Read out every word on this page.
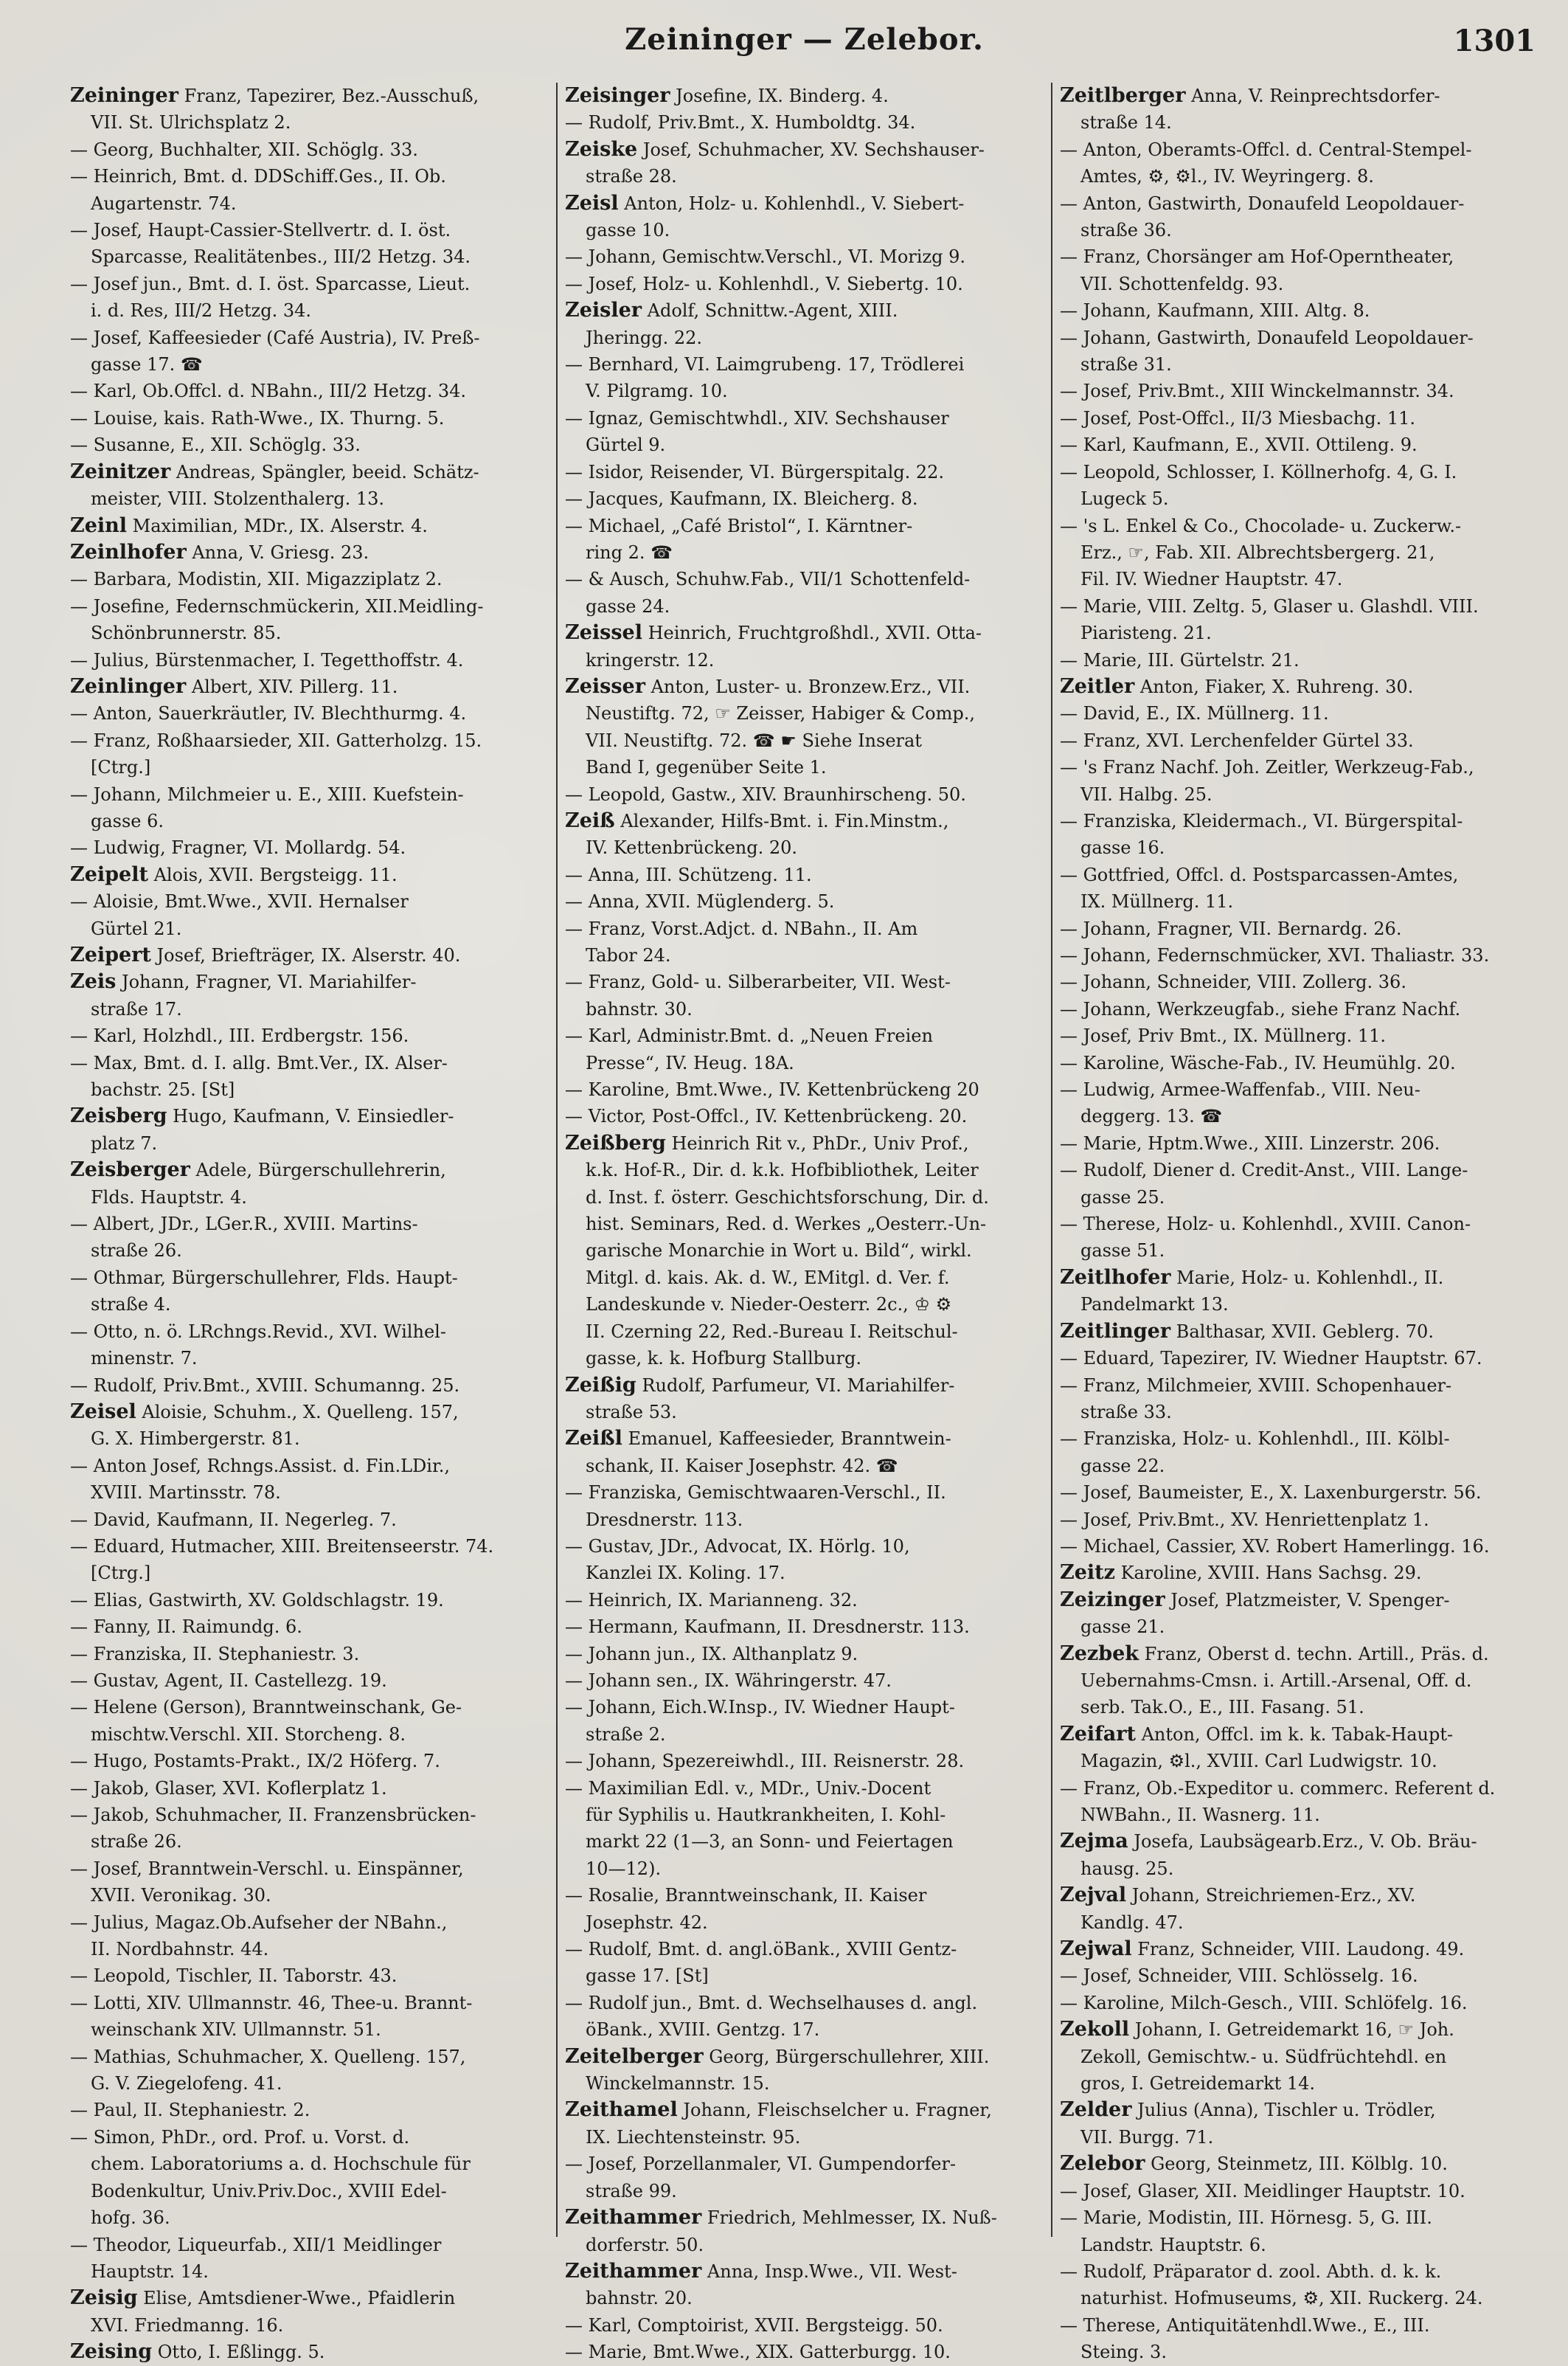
Zeininger — Zelebor.	1301
Zeininger Franz, Tapezirer, Bez.-Ausschuß,
VII. St. Ulrichsplatz 2.
— Georg, Buchhalter, XII. Schöglg. 33.
— Heinrich, Bmt. d. DDSchiff.Ges., II. Ob.
Augartenstr. 74.
— Josef, Haupt-Cassier-Stellvertr. d. I. öst.
Sparcasse, Realitätenbes., III/2 Hetzg. 34.
— Josef jun., Bmt. d. I. öst. Sparcasse, Lieut.
i. d. Res, III/2 Hetzg. 34.
— Josef, Kaffeesieder (Café Austria), IV. Preß-
gasse 17. ☎
— Karl, Ob.Offcl. d. NBahn., III/2 Hetzg. 34.
— Louise, kais. Rath-Wwe., IX. Thurng. 5.
— Susanne, E., XII. Schöglg. 33.
Zeinitzer Andreas, Spängler, beeid. Schätz-
meister, VIII. Stolzenthalerg. 13.
Zeinl Maximilian, MDr., IX. Alserstr. 4.
Zeinlhofer Anna, V. Griesg. 23.
— Barbara, Modistin, XII. Migazziplatz 2.
— Josefine, Federnschmückerin, XII.Meidling-
Schönbrunnerstr. 85.
— Julius, Bürstenmacher, I. Tegetthoffstr. 4.
Zeinlinger Albert, XIV. Pillerg. 11.
— Anton, Sauerkräutler, IV. Blechthurmg. 4.
— Franz, Roßhaarsieder, XII. Gatterholzg. 15.
[Ctrg.]
— Johann, Milchmeier u. E., XIII. Kuefstein-
gasse 6.
— Ludwig, Fragner, VI. Mollardg. 54.
Zeipelt Alois, XVII. Bergsteigg. 11.
— Aloisie, Bmt.Wwe., XVII. Hernalser
Gürtel 21.
Zeipert Josef, Briefträger, IX. Alserstr. 40.
Zeis Johann, Fragner, VI. Mariahilfer-
straße 17.
— Karl, Holzhdl., III. Erdbergstr. 156.
— Max, Bmt. d. I. allg. Bmt.Ver., IX. Alser-
bachstr. 25. [St]
Zeisberg Hugo, Kaufmann, V. Einsiedler-
platz 7.
Zeisberger Adele, Bürgerschullehrerin,
Flds. Hauptstr. 4.
— Albert, JDr., LGer.R., XVIII. Martins-
straße 26.
— Othmar, Bürgerschullehrer, Flds. Haupt-
straße 4.
— Otto, n. ö. LRchngs.Revid., XVI. Wilhel-
minenstr. 7.
— Rudolf, Priv.Bmt., XVIII. Schumanng. 25.
Zeisel Aloisie, Schuhm., X. Quelleng. 157,
G. X. Himbergerstr. 81.
— Anton Josef, Rchngs.Assist. d. Fin.LDir.,
XVIII. Martinsstr. 78.
— David, Kaufmann, II. Negerleg. 7.
— Eduard, Hutmacher, XIII. Breitenseerstr. 74.
[Ctrg.]
— Elias, Gastwirth, XV. Goldschlagstr. 19.
— Fanny, II. Raimundg. 6.
— Franziska, II. Stephaniestr. 3.
— Gustav, Agent, II. Castellezg. 19.
— Helene (Gerson), Branntweinschank, Ge-
mischtw.Verschl. XII. Storcheng. 8.
— Hugo, Postamts-Prakt., IX/2 Höferg. 7.
— Jakob, Glaser, XVI. Koflerplatz 1.
— Jakob, Schuhmacher, II. Franzensbrücken-
straße 26.
— Josef, Branntwein-Verschl. u. Einspänner,
XVII. Veronikag. 30.
— Julius, Magaz.Ob.Aufseher der NBahn.,
II. Nordbahnstr. 44.
— Leopold, Tischler, II. Taborstr. 43.
— Lotti, XIV. Ullmannstr. 46, Thee-u. Brannt-
weinschank XIV. Ullmannstr. 51.
— Mathias, Schuhmacher, X. Quelleng. 157,
G. V. Ziegelofeng. 41.
— Paul, II. Stephaniestr. 2.
— Simon, PhDr., ord. Prof. u. Vorst. d.
chem. Laboratoriums a. d. Hochschule für
Bodenkultur, Univ.Priv.Doc., XVIII Edel-
hofg. 36.
— Theodor, Liqueurfab., XII/1 Meidlinger
Hauptstr. 14.
Zeisig Elise, Amtsdiener-Wwe., Pfaidlerin
XVI. Friedmanng. 16.
Zeising Otto, I. Eßlingg. 5.
Zeisinger Josefine, IX. Binderg. 4.
— Rudolf, Priv.Bmt., X. Humboldtg. 34.
Zeiske Josef, Schuhmacher, XV. Sechshauser-
straße 28.
Zeisl Anton, Holz- u. Kohlenhdl., V. Siebert-
gasse 10.
— Johann, Gemischtw.Verschl., VI. Morizg 9.
— Josef, Holz- u. Kohlenhdl., V. Siebertg. 10.
Zeisler Adolf, Schnittw.-Agent, XIII.
Jheringg. 22.
— Bernhard, VI. Laimgrubeng. 17, Trödlerei
V. Pilgramg. 10.
— Ignaz, Gemischtwhdl., XIV. Sechshauser
Gürtel 9.
— Isidor, Reisender, VI. Bürgerspitalg. 22.
— Jacques, Kaufmann, IX. Bleicherg. 8.
— Michael, „Café Bristol“, I. Kärntner-
ring 2. ☎
— & Ausch, Schuhw.Fab., VII/1 Schottenfeld-
gasse 24.
Zeissel Heinrich, Fruchtgroßhdl., XVII. Otta-
kringerstr. 12.
Zeisser Anton, Luster- u. Bronzew.Erz., VII.
Neustiftg. 72, ☞ Zeisser, Habiger & Comp.,
VII. Neustiftg. 72. ☎ ☛ Siehe Inserat
Band I, gegenüber Seite 1.
— Leopold, Gastw., XIV. Braunhirscheng. 50.
Zeiß Alexander, Hilfs-Bmt. i. Fin.Minstm.,
IV. Kettenbrückeng. 20.
— Anna, III. Schützeng. 11.
— Anna, XVII. Müglenderg. 5.
— Franz, Vorst.Adjct. d. NBahn., II. Am
Tabor 24.
— Franz, Gold- u. Silberarbeiter, VII. West-
bahnstr. 30.
— Karl, Administr.Bmt. d. „Neuen Freien
Presse“, IV. Heug. 18A.
— Karoline, Bmt.Wwe., IV. Kettenbrückeng 20
— Victor, Post-Offcl., IV. Kettenbrückeng. 20.
Zeißberg Heinrich Rit v., PhDr., Univ Prof.,
k.k. Hof-R., Dir. d. k.k. Hofbibliothek, Leiter
d. Inst. f. österr. Geschichtsforschung, Dir. d.
hist. Seminars, Red. d. Werkes „Oesterr.-Un-
garische Monarchie in Wort u. Bild“, wirkl.
Mitgl. d. kais. Ak. d. W., EMitgl. d. Ver. f.
Landeskunde v. Nieder-Oesterr. 2c., ♔ ⚙
II. Czerning 22, Red.-Bureau I. Reitschul-
gasse, k. k. Hofburg Stallburg.
Zeißig Rudolf, Parfumeur, VI. Mariahilfer-
straße 53.
Zeißl Emanuel, Kaffeesieder, Branntwein-
schank, II. Kaiser Josephstr. 42. ☎
— Franziska, Gemischtwaaren-Verschl., II.
Dresdnerstr. 113.
— Gustav, JDr., Advocat, IX. Hörlg. 10,
Kanzlei IX. Koling. 17.
— Heinrich, IX. Marianneng. 32.
— Hermann, Kaufmann, II. Dresdnerstr. 113.
— Johann jun., IX. Althanplatz 9.
— Johann sen., IX. Währingerstr. 47.
— Johann, Eich.W.Insp., IV. Wiedner Haupt-
straße 2.
— Johann, Spezereiwhdl., III. Reisnerstr. 28.
— Maximilian Edl. v., MDr., Univ.-Docent
für Syphilis u. Hautkrankheiten, I. Kohl-
markt 22 (1—3, an Sonn- und Feiertagen
10—12).
— Rosalie, Branntweinschank, II. Kaiser
Josephstr. 42.
— Rudolf, Bmt. d. angl.öBank., XVIII Gentz-
gasse 17. [St]
— Rudolf jun., Bmt. d. Wechselhauses d. angl.
öBank., XVIII. Gentzg. 17.
Zeitelberger Georg, Bürgerschullehrer, XIII.
Winckelmannstr. 15.
Zeithamel Johann, Fleischselcher u. Fragner,
IX. Liechtensteinstr. 95.
— Josef, Porzellanmaler, VI. Gumpendorfer-
straße 99.
Zeithammer Friedrich, Mehlmesser, IX. Nuß-
dorferstr. 50.
Zeithammer Anna, Insp.Wwe., VII. West-
bahnstr. 20.
— Karl, Comptoirist, XVII. Bergsteigg. 50.
— Marie, Bmt.Wwe., XIX. Gatterburgg. 10.
Zeitlberger Anna, V. Reinprechtsdorfer-
straße 14.
— Anton, Oberamts-Offcl. d. Central-Stempel-
Amtes, ⚙, ⚙l., IV. Weyringerg. 8.
— Anton, Gastwirth, Donaufeld Leopoldauer-
straße 36.
— Franz, Chorsänger am Hof-Operntheater,
VII. Schottenfeldg. 93.
— Johann, Kaufmann, XIII. Altg. 8.
— Johann, Gastwirth, Donaufeld Leopoldauer-
straße 31.
— Josef, Priv.Bmt., XIII Winckelmannstr. 34.
— Josef, Post-Offcl., II/3 Miesbachg. 11.
— Karl, Kaufmann, E., XVII. Ottileng. 9.
— Leopold, Schlosser, I. Köllnerhofg. 4, G. I.
Lugeck 5.
— 's L. Enkel & Co., Chocolade- u. Zuckerw.-
Erz., ☞, Fab. XII. Albrechtsbergerg. 21,
Fil. IV. Wiedner Hauptstr. 47.
— Marie, VIII. Zeltg. 5, Glaser u. Glashdl. VIII.
Piaristeng. 21.
— Marie, III. Gürtelstr. 21.
Zeitler Anton, Fiaker, X. Ruhreng. 30.
— David, E., IX. Müllnerg. 11.
— Franz, XVI. Lerchenfelder Gürtel 33.
— 's Franz Nachf. Joh. Zeitler, Werkzeug-Fab.,
VII. Halbg. 25.
— Franziska, Kleidermach., VI. Bürgerspital-
gasse 16.
— Gottfried, Offcl. d. Postsparcassen-Amtes,
IX. Müllnerg. 11.
— Johann, Fragner, VII. Bernardg. 26.
— Johann, Federnschmücker, XVI. Thaliastr. 33.
— Johann, Schneider, VIII. Zollerg. 36.
— Johann, Werkzeugfab., siehe Franz Nachf.
— Josef, Priv Bmt., IX. Müllnerg. 11.
— Karoline, Wäsche-Fab., IV. Heumühlg. 20.
— Ludwig, Armee-Waffenfab., VIII. Neu-
deggerg. 13. ☎
— Marie, Hptm.Wwe., XIII. Linzerstr. 206.
— Rudolf, Diener d. Credit-Anst., VIII. Lange-
gasse 25.
— Therese, Holz- u. Kohlenhdl., XVIII. Canon-
gasse 51.
Zeitlhofer Marie, Holz- u. Kohlenhdl., II.
Pandelmarkt 13.
Zeitlinger Balthasar, XVII. Geblerg. 70.
— Eduard, Tapezirer, IV. Wiedner Hauptstr. 67.
— Franz, Milchmeier, XVIII. Schopenhauer-
straße 33.
— Franziska, Holz- u. Kohlenhdl., III. Kölbl-
gasse 22.
— Josef, Baumeister, E., X. Laxenburgerstr. 56.
— Josef, Priv.Bmt., XV. Henriettenplatz 1.
— Michael, Cassier, XV. Robert Hamerlingg. 16.
Zeitz Karoline, XVIII. Hans Sachsg. 29.
Zeizinger Josef, Platzmeister, V. Spenger-
gasse 21.
Zezbek Franz, Oberst d. techn. Artill., Präs. d.
Uebernahms-Cmsn. i. Artill.-Arsenal, Off. d.
serb. Tak.O., E., III. Fasang. 51.
Zeifart Anton, Offcl. im k. k. Tabak-Haupt-
Magazin, ⚙l., XVIII. Carl Ludwigstr. 10.
— Franz, Ob.-Expeditor u. commerc. Referent d.
NWBahn., II. Wasnerg. 11.
Zejma Josefa, Laubsägearb.Erz., V. Ob. Bräu-
hausg. 25.
Zejval Johann, Streichriemen-Erz., XV.
Kandlg. 47.
Zejwal Franz, Schneider, VIII. Laudong. 49.
— Josef, Schneider, VIII. Schlösselg. 16.
— Karoline, Milch-Gesch., VIII. Schlöfelg. 16.
Zekoll Johann, I. Getreidemarkt 16, ☞ Joh.
Zekoll, Gemischtw.- u. Südfrüchtehdl. en
gros, I. Getreidemarkt 14.
Zelder Julius (Anna), Tischler u. Trödler,
VII. Burgg. 71.
Zelebor Georg, Steinmetz, III. Kölblg. 10.
— Josef, Glaser, XII. Meidlinger Hauptstr. 10.
— Marie, Modistin, III. Hörnesg. 5, G. III.
Landstr. Hauptstr. 6.
— Rudolf, Präparator d. zool. Abth. d. k. k.
naturhist. Hofmuseums, ⚙, XII. Ruckerg. 24.
— Therese, Antiquitätenhdl.Wwe., E., III.
Steing. 3.
